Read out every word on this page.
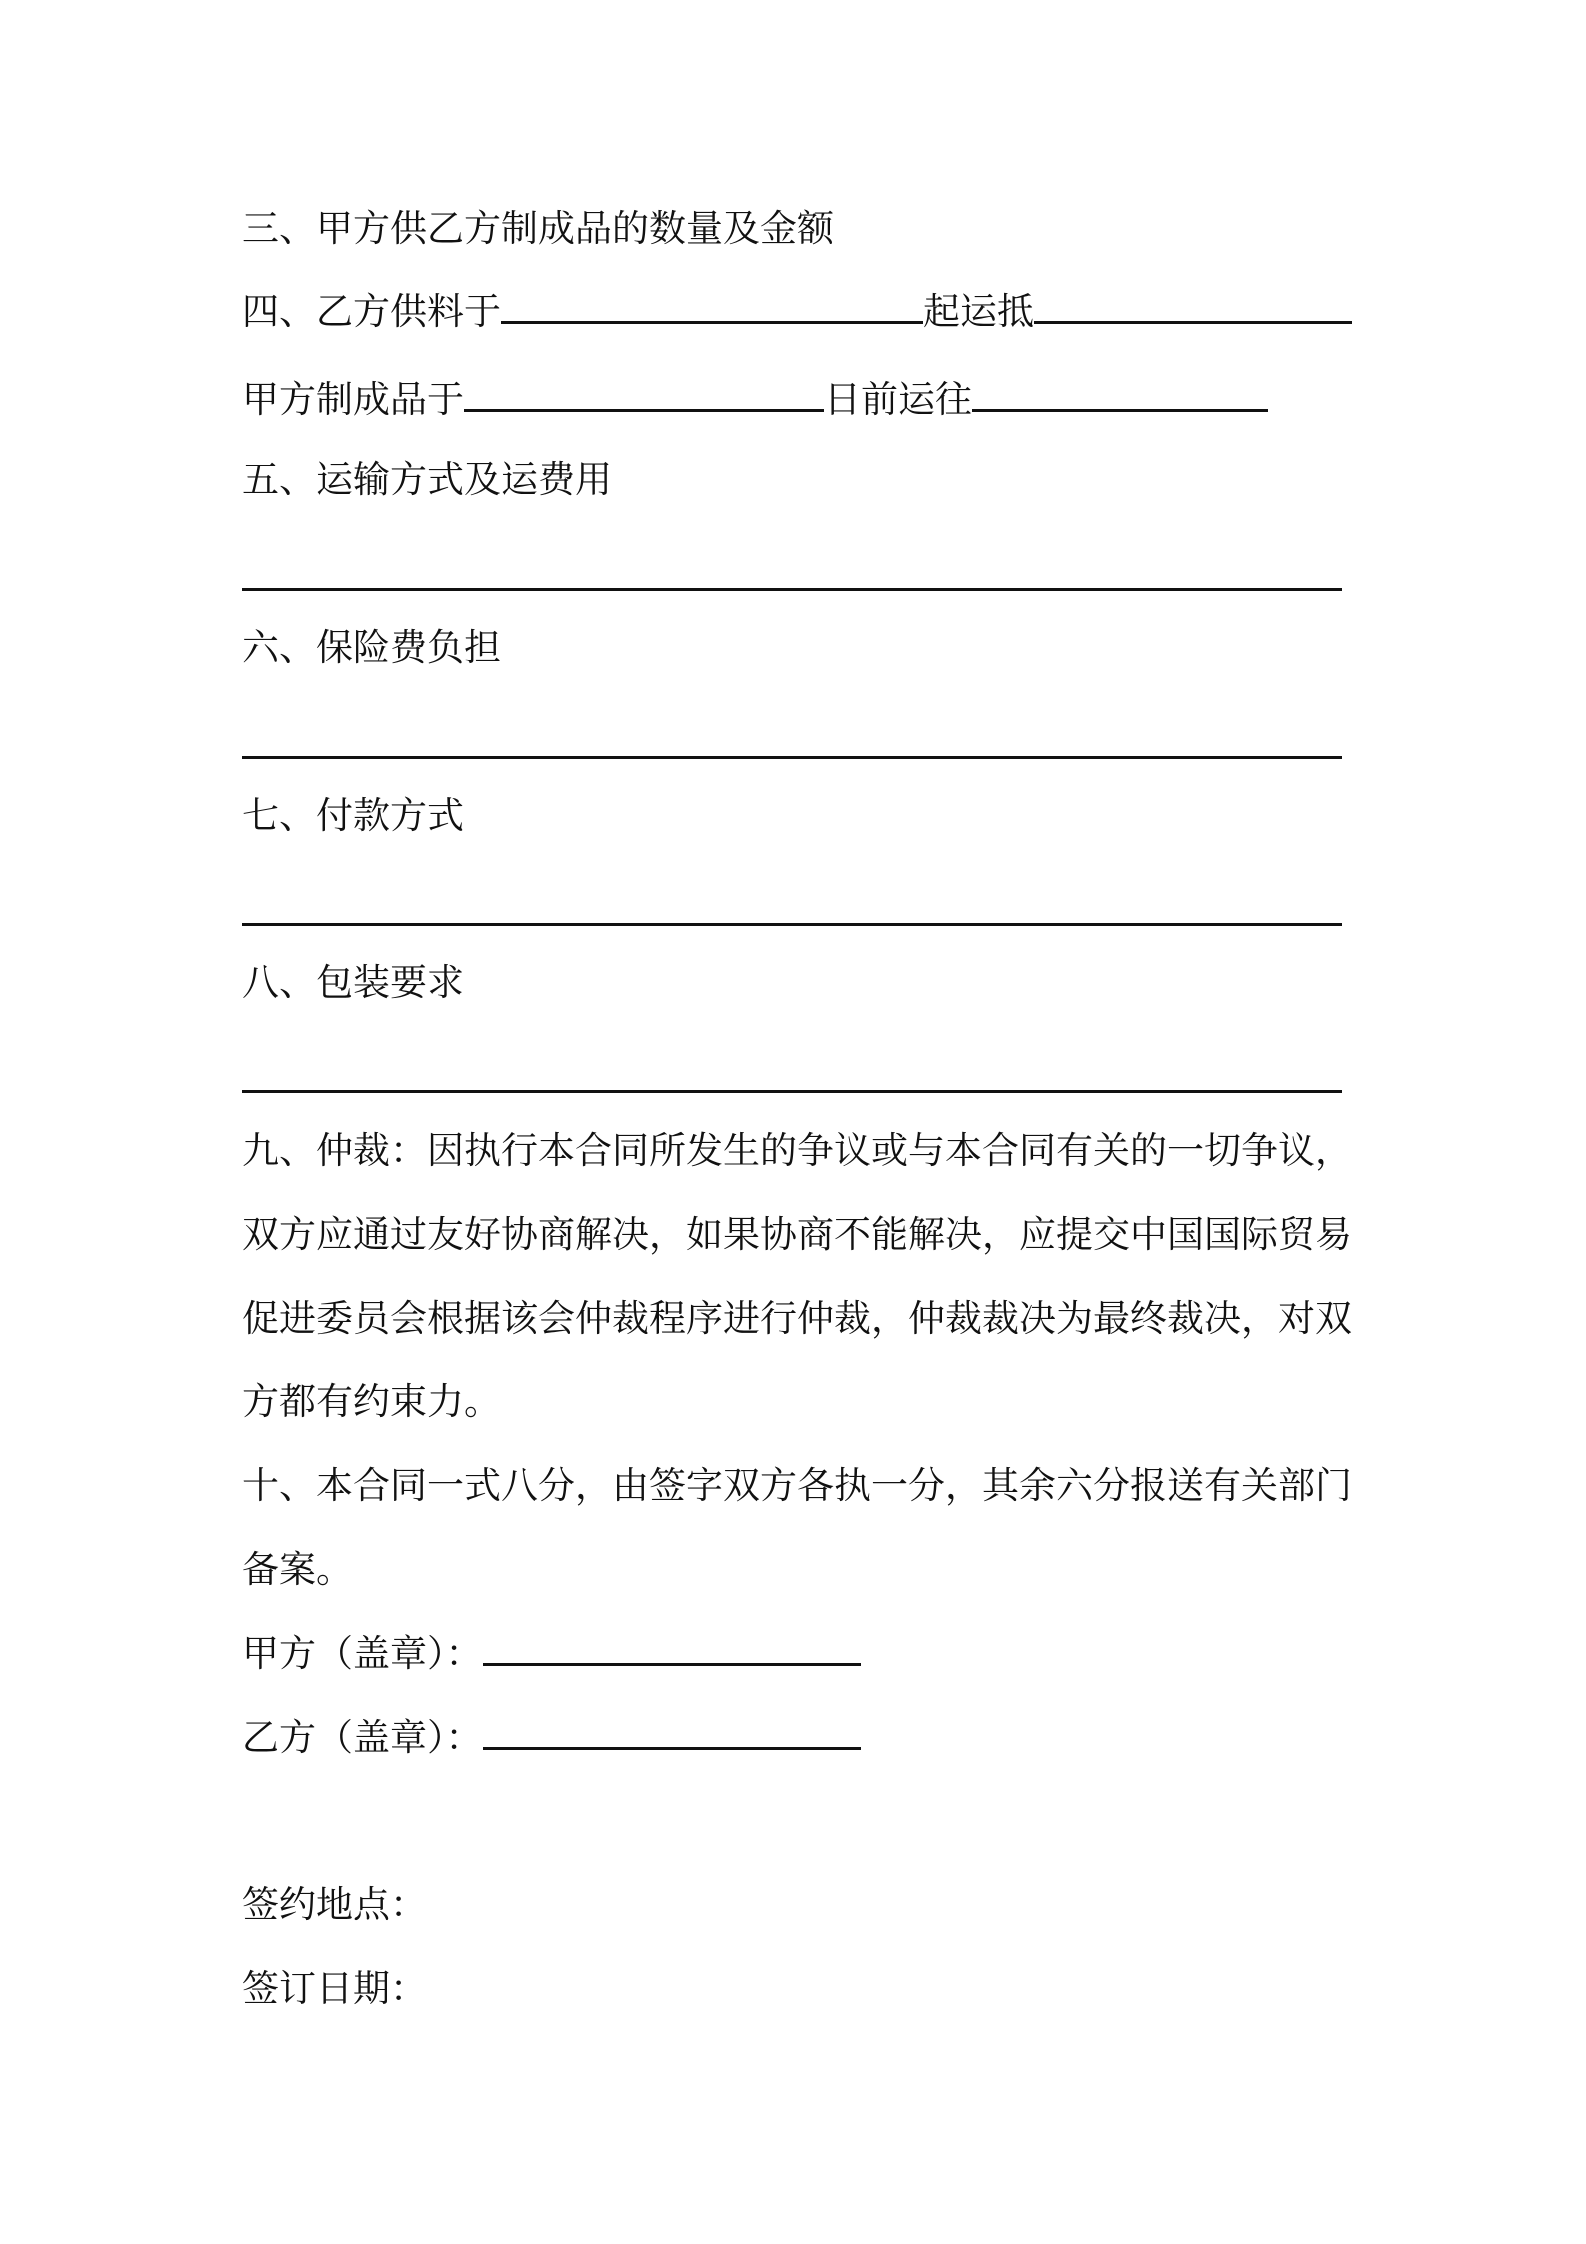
三、甲方供乙方制成品的数量及金额
四、乙方供料于	起运抵
甲方制成品于	日前运往
五、运输方式及运费用
六、保险费负担
七、付款方式
八、包装要求
九、仲裁：因执行本合同所发生的争议或与本合同有关的一切争议，
双方应通过友好协商解决，如果协商不能解决，应提交中国国际贸易
促进委员会根据该会仲裁程序进行仲裁，仲裁裁决为最终裁决，对双
方都有约束力。
十、本合同一式八分，由签字双方各执一分，其余六分报送有关部门
备案。
甲方（盖章）：
乙方（盖章）：
签约地点：
签订日期：
